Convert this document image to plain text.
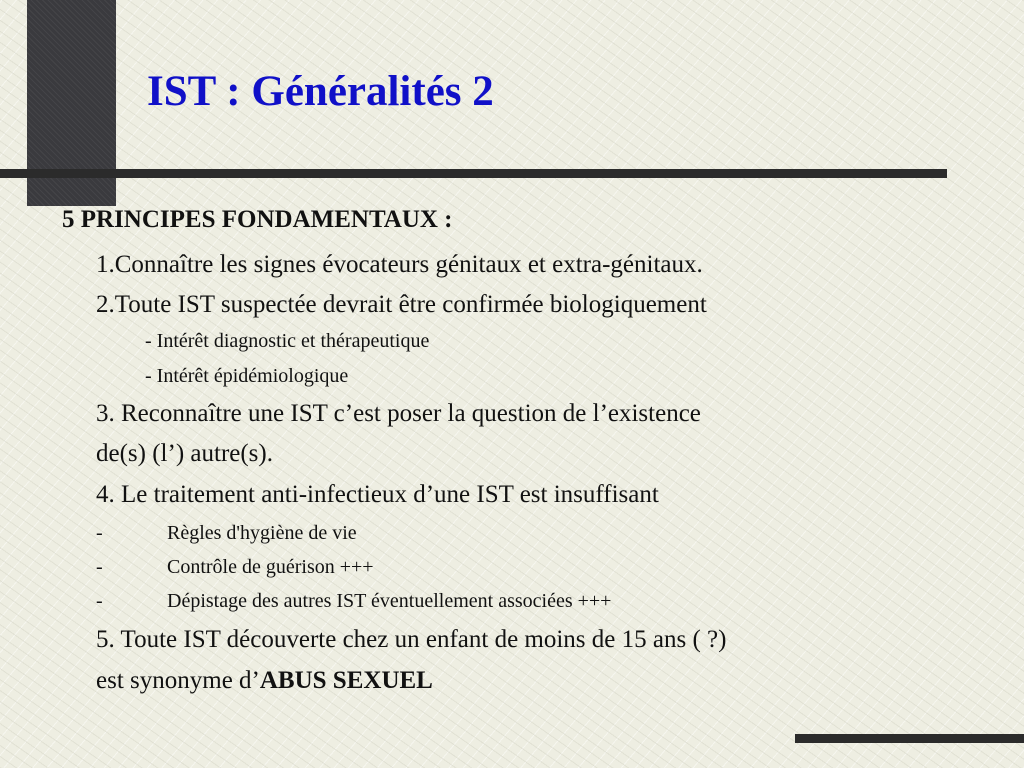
IST : Généralités 2
5 PRINCIPES FONDAMENTAUX :
1.Connaître les signes évocateurs génitaux et extra-génitaux.
2.Toute IST suspectée devrait être confirmée biologiquement
- Intérêt diagnostic et thérapeutique
- Intérêt épidémiologique
3. Reconnaître une IST c’est poser la question de l’existence
de(s) (l’) autre(s).
4. Le traitement anti-infectieux d’une IST est insuffisant
-	Règles d'hygiène de vie
-	Contrôle de guérison +++
-	Dépistage des autres IST éventuellement associées +++
5. Toute IST découverte chez un enfant de moins de 15 ans ( ?)
est synonyme d’ABUS SEXUEL
